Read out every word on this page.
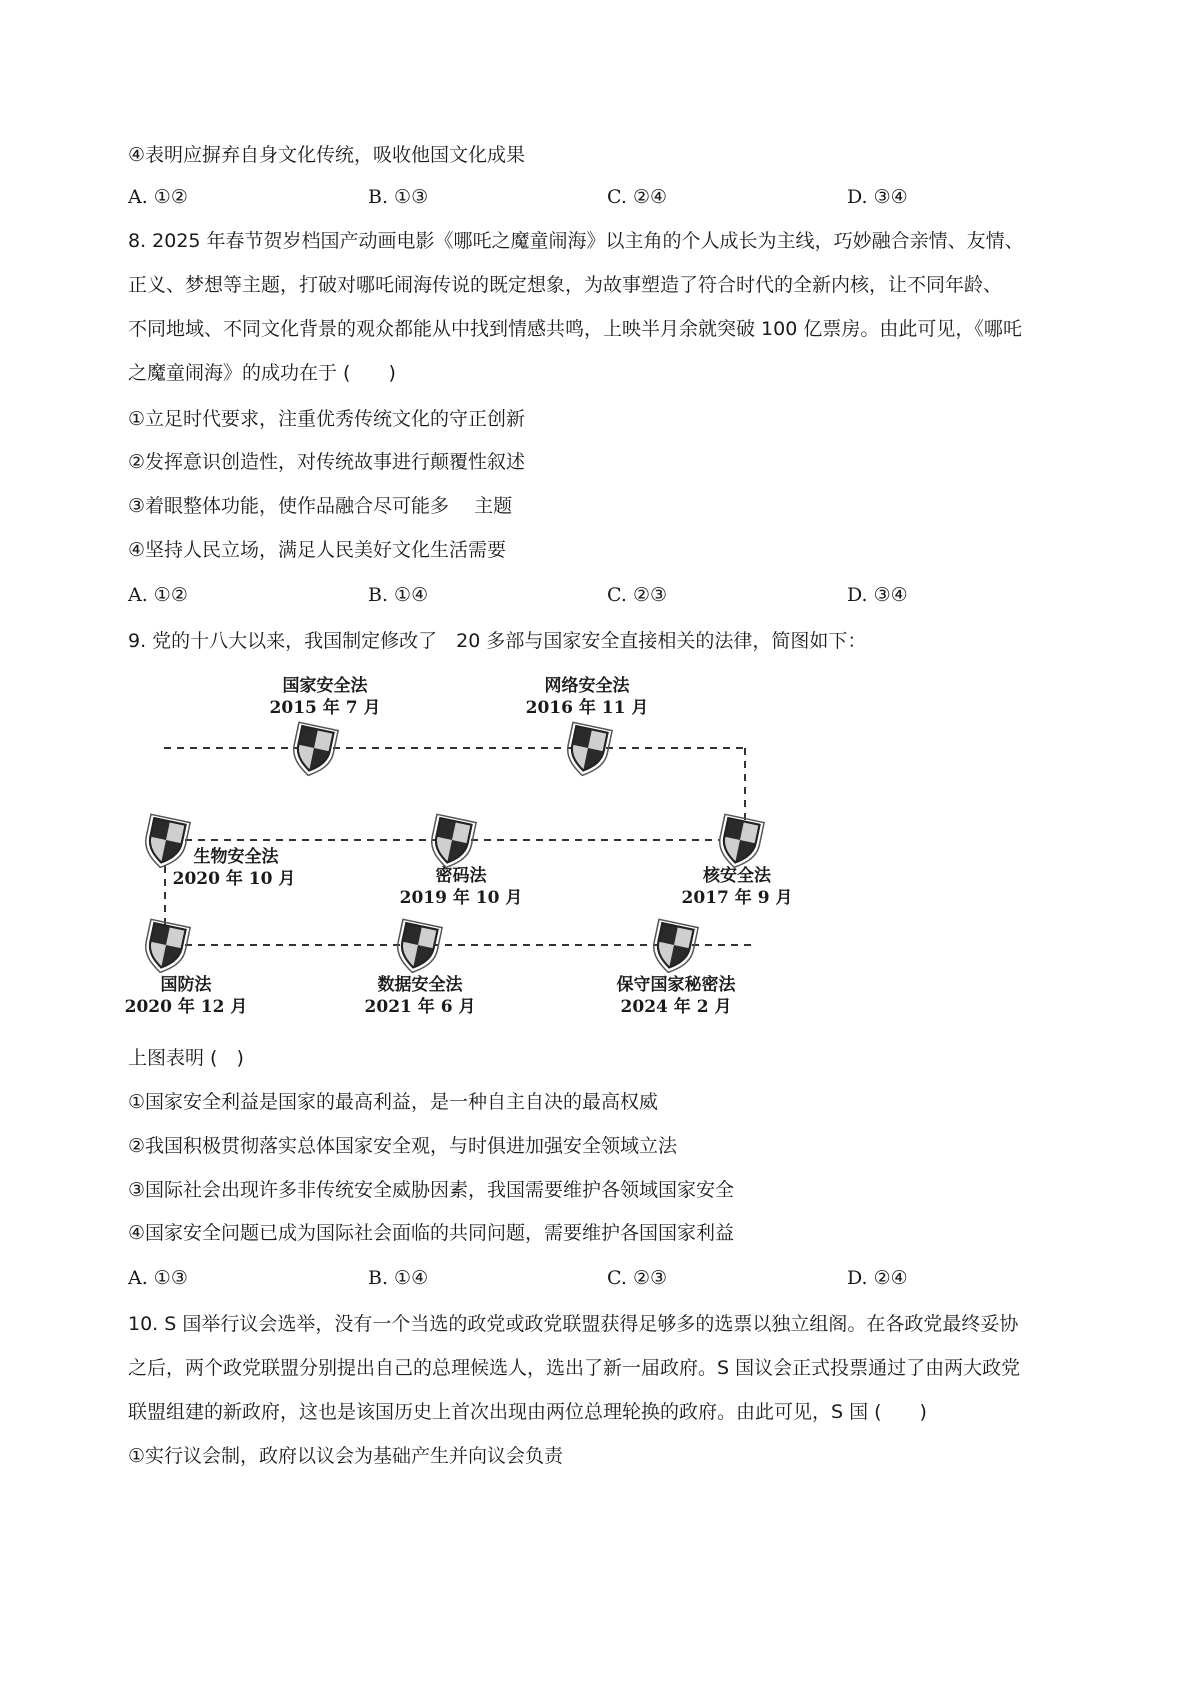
④表明应摒弃自身文化传统，吸收他国文化成果
A. ①②	B. ①③	C. ②④	D. ③④
8. 2025 年春节贺岁档国产动画电影《哪吒之魔童闹海》以主角的个人成长为主线，巧妙融合亲情、友情、
正义、梦想等主题，打破对哪吒闹海传说的既定想象，为故事塑造了符合时代的全新内核，让不同年龄、
不同地域、不同文化背景的观众都能从中找到情感共鸣，上映半月余就突破 100 亿票房。由此可见，《哪吒
之魔童闹海》的成功在于 (　　)
①立足时代要求，注重优秀传统文化的守正创新
②发挥意识创造性，对传统故事进行颠覆性叙述
③着眼整体功能，使作品融合尽可能多　 主题
④坚持人民立场，满足人民美好文化生活需要
A. ①②	B. ①④	C. ②③	D. ③④
9. 党的十八大以来，我国制定修改了　20 多部与国家安全直接相关的法律，简图如下：
国家安全法
2015 年 7 月
网络安全法
2016 年 11 月
核安全法
2017 年 9 月
密码法
2019 年 10 月
生物安全法
2020 年 10 月
国防法
2020 年 12 月
数据安全法
2021 年 6 月
保守国家秘密法
2024 年 2 月
上图表明 (　)
①国家安全利益是国家的最高利益，是一种自主自决的最高权威
②我国积极贯彻落实总体国家安全观，与时俱进加强安全领域立法
③国际社会出现许多非传统安全威胁因素，我国需要维护各领域国家安全
④国家安全问题已成为国际社会面临的共同问题，需要维护各国国家利益
A. ①③	B. ①④	C. ②③	D. ②④
10. S 国举行议会选举，没有一个当选的政党或政党联盟获得足够多的选票以独立组阁。在各政党最终妥协
之后，两个政党联盟分别提出自己的总理候选人，选出了新一届政府。S 国议会正式投票通过了由两大政党
联盟组建的新政府，这也是该国历史上首次出现由两位总理轮换的政府。由此可见，S 国 (　　)
①实行议会制，政府以议会为基础产生并向议会负责
